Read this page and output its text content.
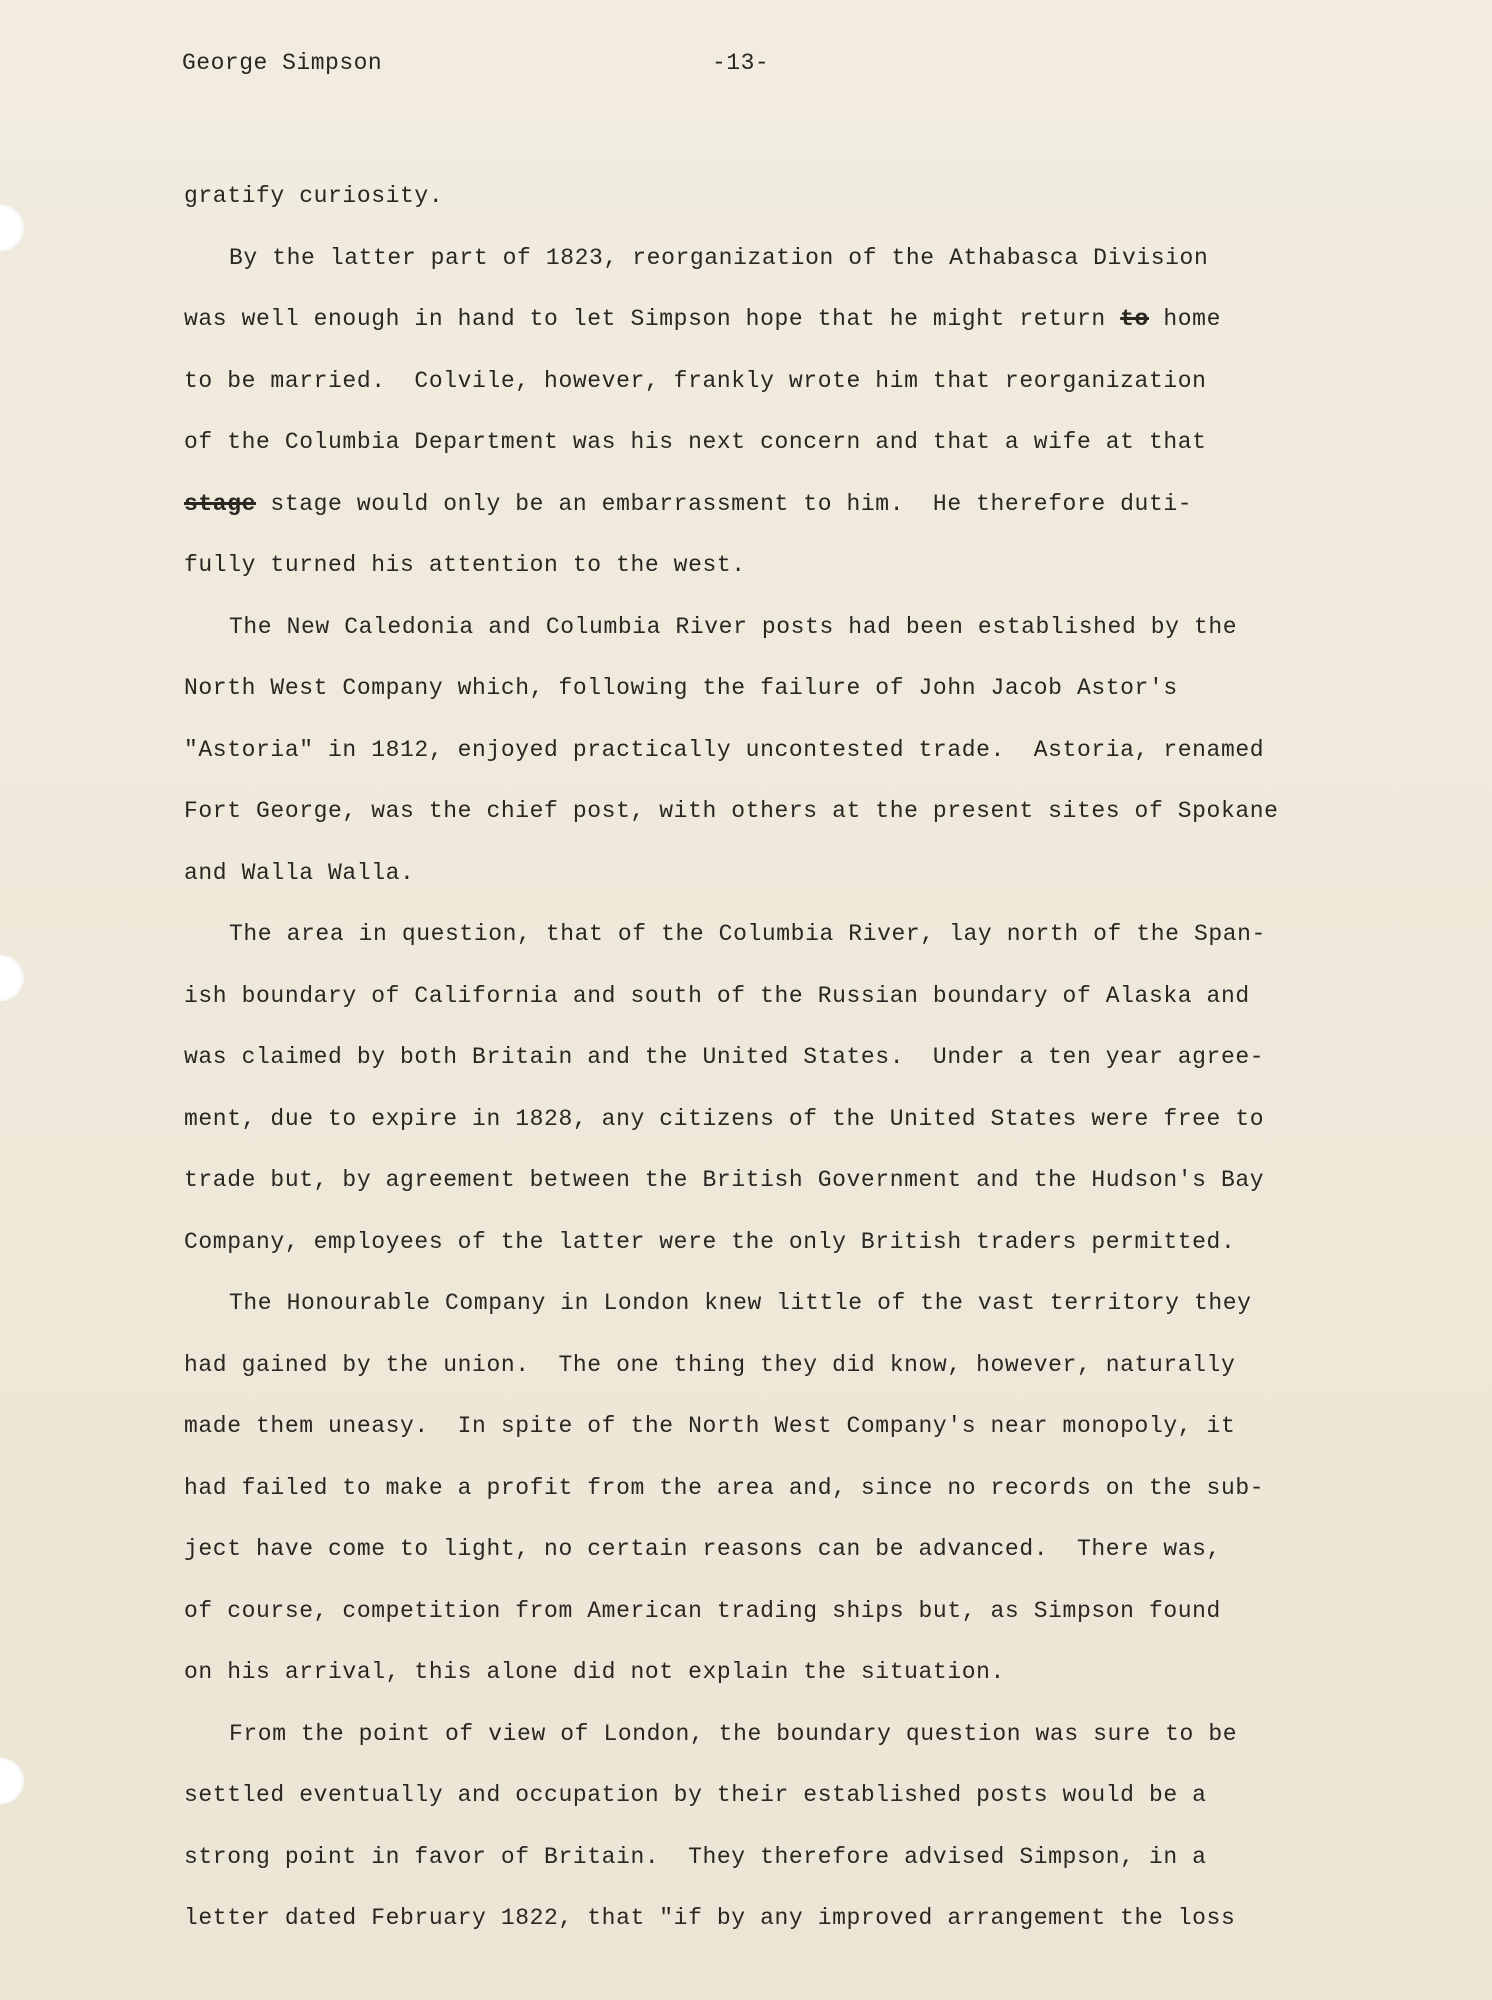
George Simpson	-13-
gratify curiosity.
By the latter part of 1823, reorganization of the Athabasca Division
was well enough in hand to let Simpson hope that he might return to home
to be married.  Colvile, however, frankly wrote him that reorganization
of the Columbia Department was his next concern and that a wife at that
stage stage would only be an embarrassment to him.  He therefore duti-
fully turned his attention to the west.
The New Caledonia and Columbia River posts had been established by the
North West Company which, following the failure of John Jacob Astor's
"Astoria" in 1812, enjoyed practically uncontested trade.  Astoria, renamed
Fort George, was the chief post, with others at the present sites of Spokane
and Walla Walla.
The area in question, that of the Columbia River, lay north of the Span-
ish boundary of California and south of the Russian boundary of Alaska and
was claimed by both Britain and the United States.  Under a ten year agree-
ment, due to expire in 1828, any citizens of the United States were free to
trade but, by agreement between the British Government and the Hudson's Bay
Company, employees of the latter were the only British traders permitted.
The Honourable Company in London knew little of the vast territory they
had gained by the union.  The one thing they did know, however, naturally
made them uneasy.  In spite of the North West Company's near monopoly, it
had failed to make a profit from the area and, since no records on the sub-
ject have come to light, no certain reasons can be advanced.  There was,
of course, competition from American trading ships but, as Simpson found
on his arrival, this alone did not explain the situation.
From the point of view of London, the boundary question was sure to be
settled eventually and occupation by their established posts would be a
strong point in favor of Britain.  They therefore advised Simpson, in a
letter dated February 1822, that "if by any improved arrangement the loss
